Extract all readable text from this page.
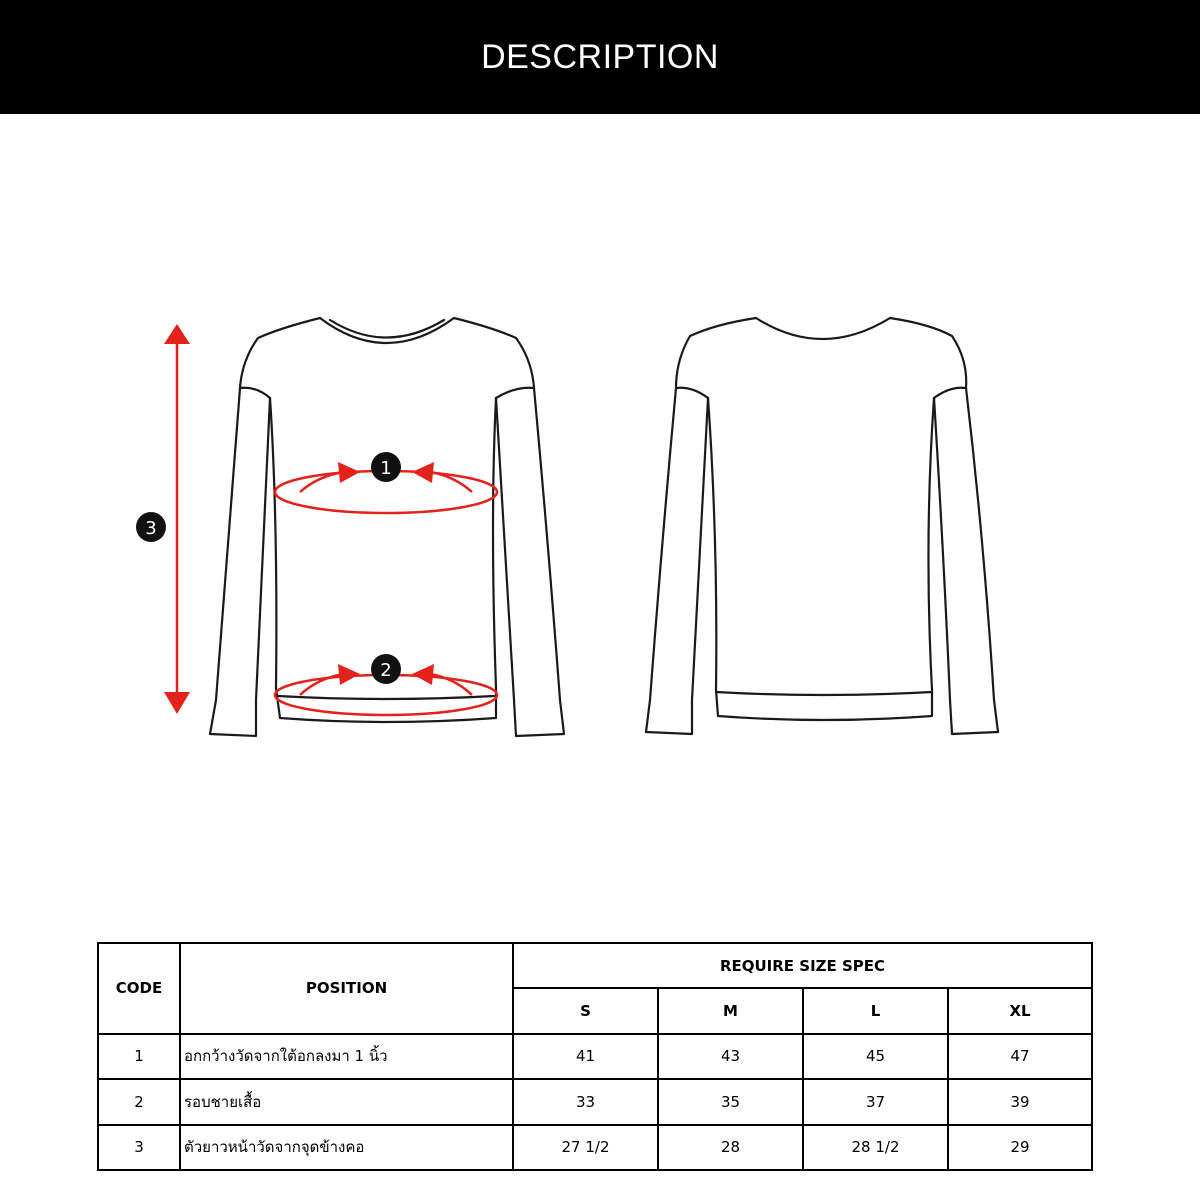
DESCRIPTION
1
2
3
CODE	POSITION	REQUIRE SIZE SPEC			
		S	M	L	XL
1	อกกว้างวัดจากใต้อกลงมา 1 นิ้ว	41	43	45	47
2	รอบชายเสื้อ	33	35	37	39
3	ตัวยาวหน้าวัดจากจุดข้างคอ	27 1/2	28	28 1/2	29
